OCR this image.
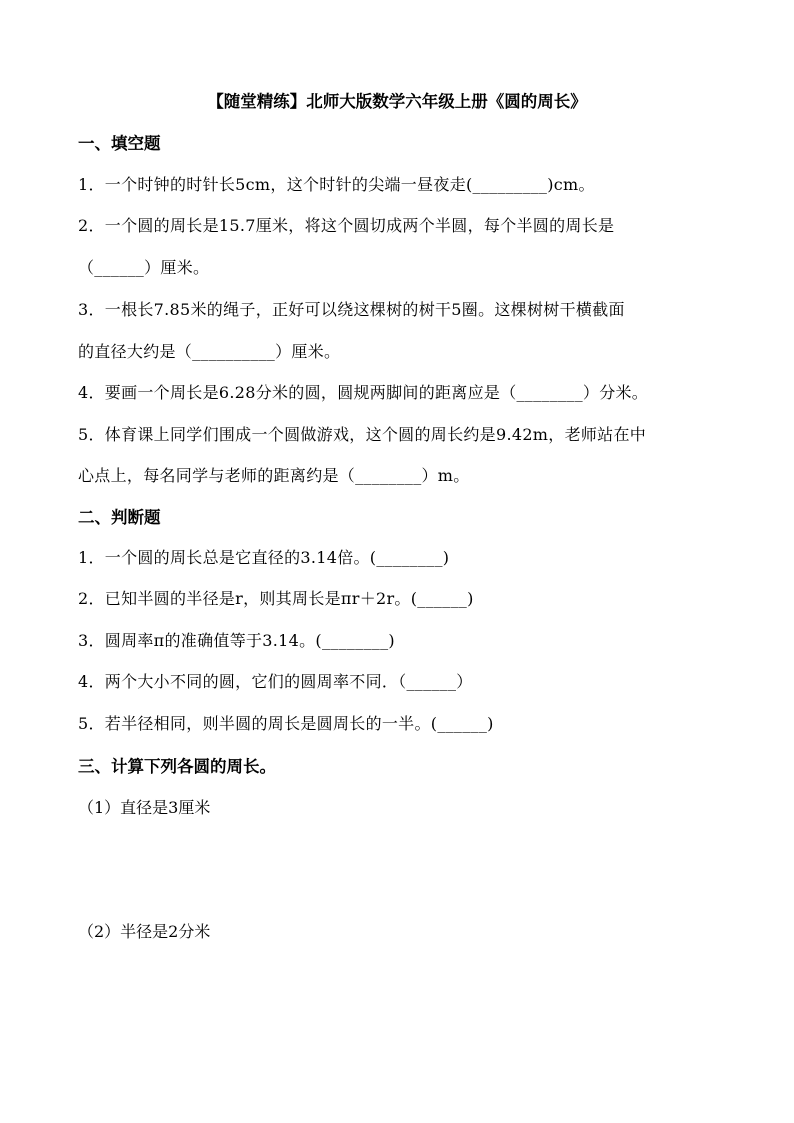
【随堂精练】北师大版数学六年级上册《圆的周长》
一、填空题
1．一个时钟的时针长5cm，这个时针的尖端一昼夜走(_________)cm。
2．一个圆的周长是15.7厘米，将这个圆切成两个半圆，每个半圆的周长是
（______）厘米。
3．一根长7.85米的绳子，正好可以绕这棵树的树干5圈。这棵树树干横截面
的直径大约是（__________）厘米。
4．要画一个周长是6.28分米的圆，圆规两脚间的距离应是（________）分米。
5．体育课上同学们围成一个圆做游戏，这个圆的周长约是9.42m，老师站在中
心点上，每名同学与老师的距离约是（________）m。
二、判断题
1．一个圆的周长总是它直径的3.14倍。(________)
2．已知半圆的半径是r，则其周长是πr＋2r。(______)
3．圆周率π的准确值等于3.14。(________)
4．两个大小不同的圆，它们的圆周率不同．（______）
5．若半径相同，则半圆的周长是圆周长的一半。(______)
三、计算下列各圆的周长。
（1）直径是3厘米
（2）半径是2分米
